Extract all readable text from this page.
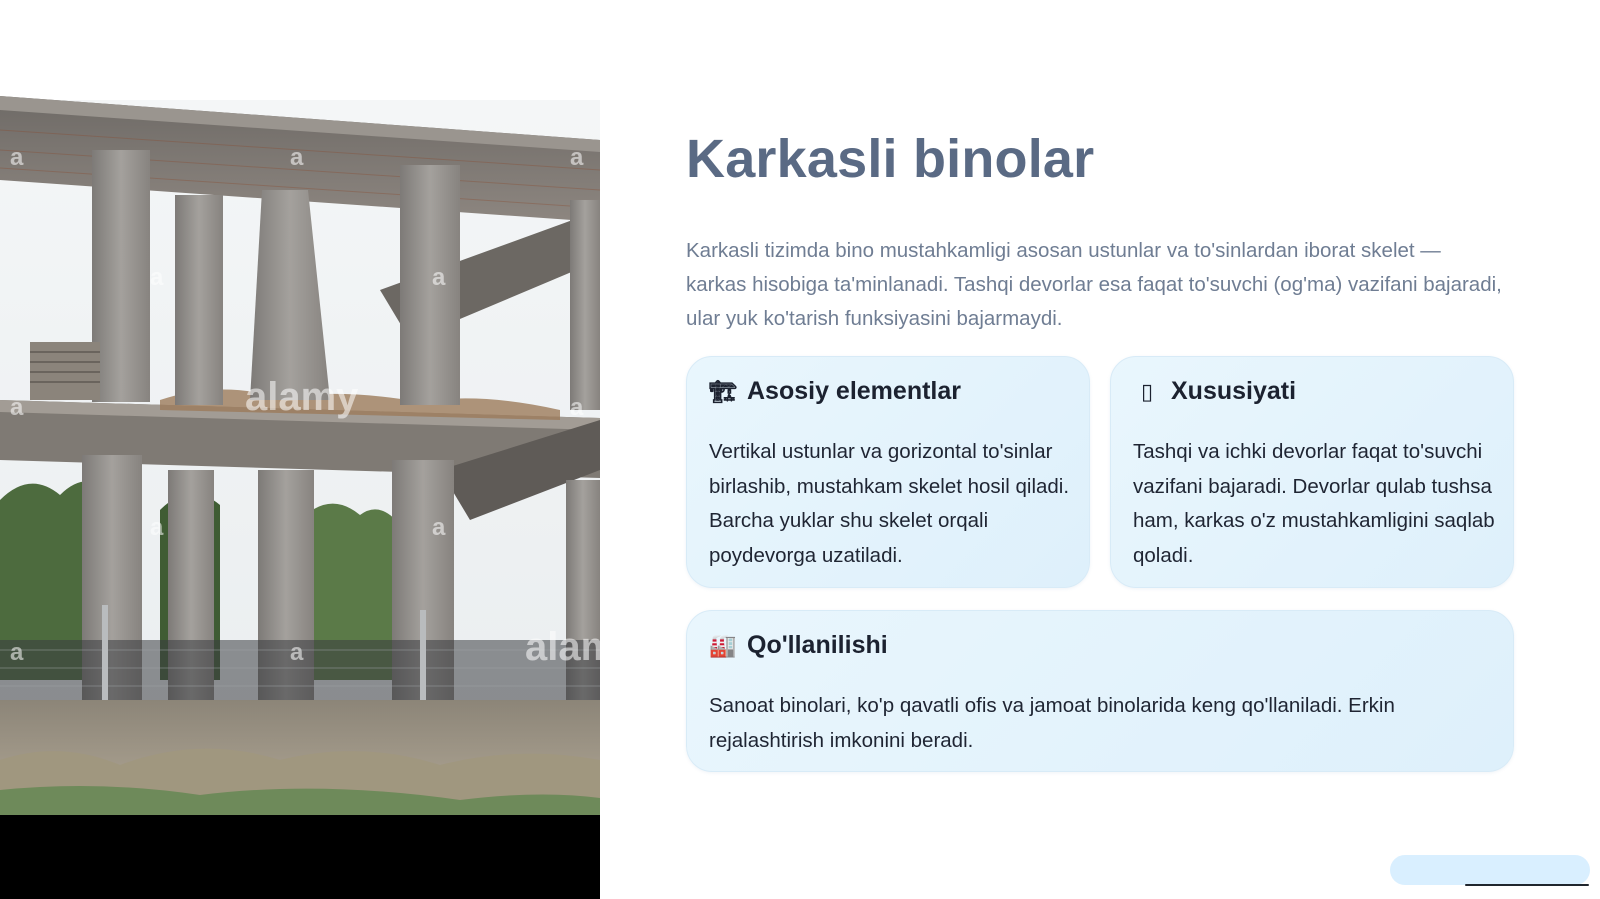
a	a	a
a	a
alamy
a	a
a	a
alamy
a	a
Karkasli binolar

Karkasli tizimda bino mustahkamligi asosan ustunlar va to'sinlardan iborat skelet — karkas hisobiga ta'minlanadi. Tashqi devorlar esa faqat to'suvchi (og'ma) vazifani bajaradi, ular yuk ko'tarish funksiyasini bajarmaydi.

🏗 Asosiy elementlar

Vertikal ustunlar va gorizontal to'sinlar birlashib, mustahkam skelet hosil qiladi. Barcha yuklar shu skelet orqali poydevorga uzatiladi.

▯ Xususiyati

Tashqi va ichki devorlar faqat to'suvchi vazifani bajaradi. Devorlar qulab tushsa ham, karkas o'z mustahkamligini saqlab qoladi.

🏭 Qo'llanilishi

Sanoat binolari, ko'p qavatli ofis va jamoat binolarida keng qo'llaniladi. Erkin rejalashtirish imkonini beradi.
